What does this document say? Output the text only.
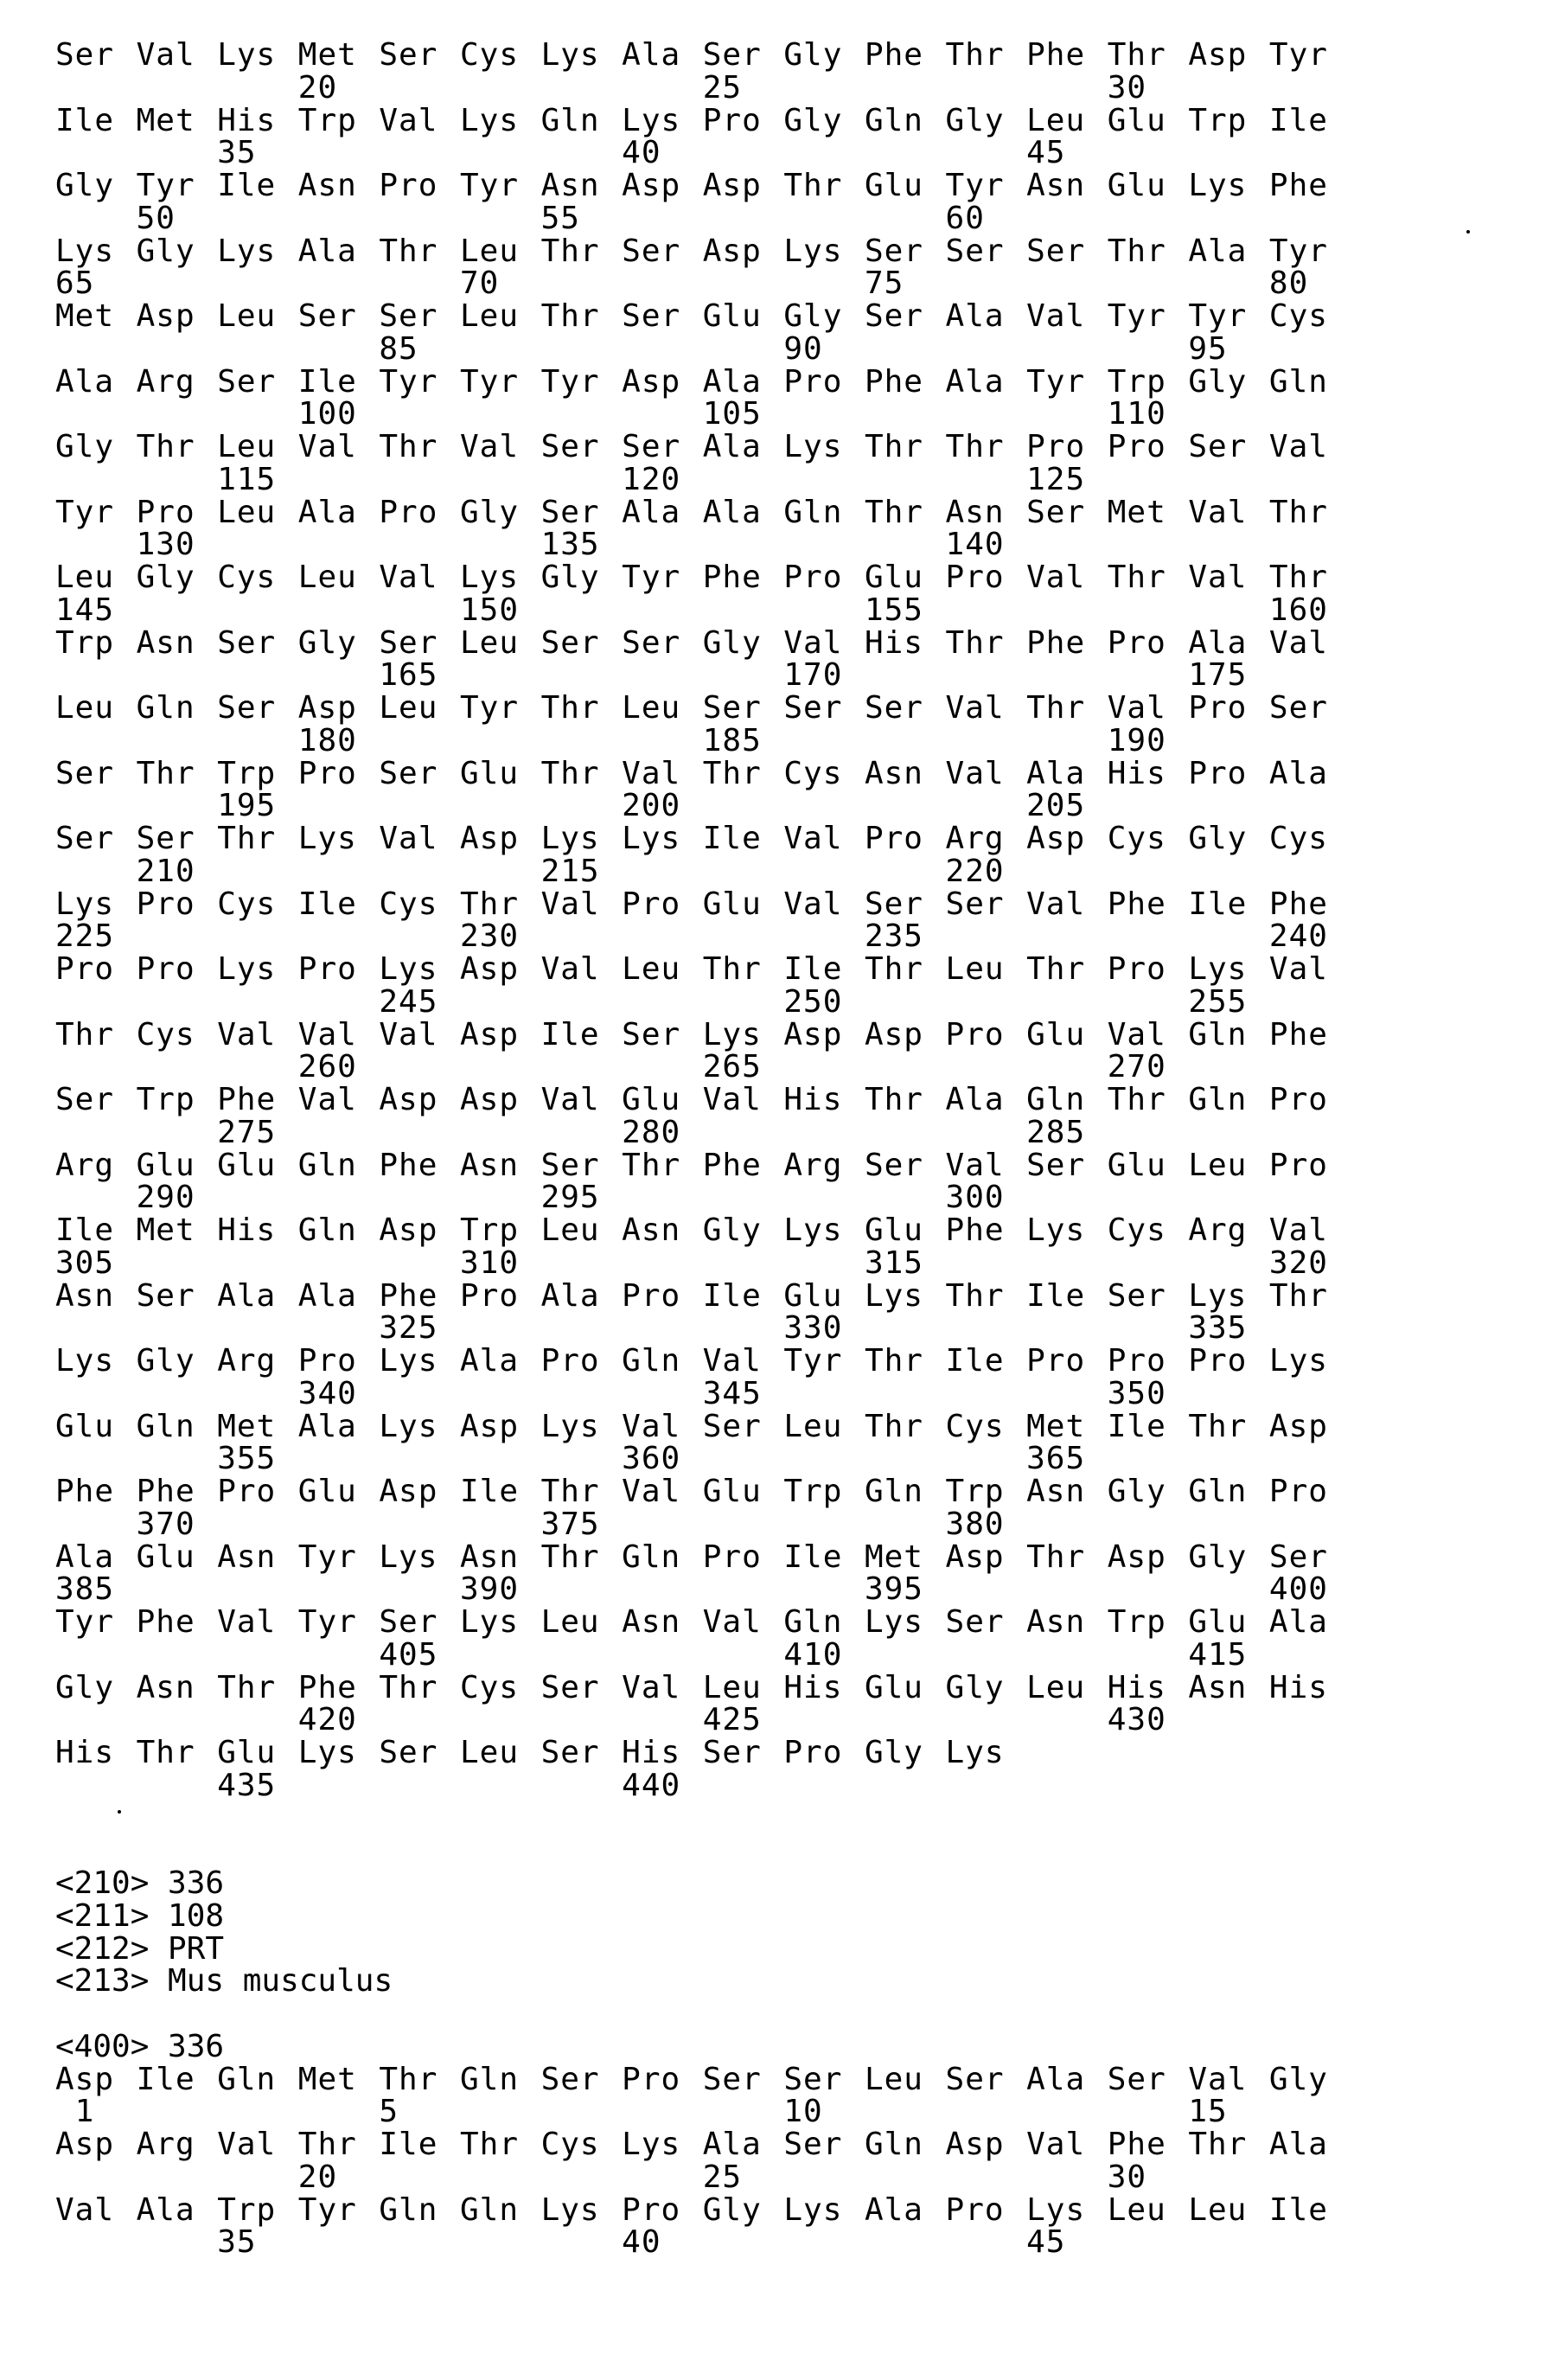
Ser Val Lys Met Ser Cys Lys Ala Ser Gly Phe Thr Phe Thr Asp Tyr
20	25	30
Ile Met His Trp Val Lys Gln Lys Pro Gly Gln Gly Leu Glu Trp Ile
35	40	45
Gly Tyr Ile Asn Pro Tyr Asn Asp Asp Thr Glu Tyr Asn Glu Lys Phe
50	55	60
Lys Gly Lys Ala Thr Leu Thr Ser Asp Lys Ser Ser Ser Thr Ala Tyr
65	70	75	80
Met Asp Leu Ser Ser Leu Thr Ser Glu Gly Ser Ala Val Tyr Tyr Cys
85	90	95
Ala Arg Ser Ile Tyr Tyr Tyr Asp Ala Pro Phe Ala Tyr Trp Gly Gln
100	105	110
Gly Thr Leu Val Thr Val Ser Ser Ala Lys Thr Thr Pro Pro Ser Val
115	120	125
Tyr Pro Leu Ala Pro Gly Ser Ala Ala Gln Thr Asn Ser Met Val Thr
130	135	140
Leu Gly Cys Leu Val Lys Gly Tyr Phe Pro Glu Pro Val Thr Val Thr
145	150	155	160
Trp Asn Ser Gly Ser Leu Ser Ser Gly Val His Thr Phe Pro Ala Val
165	170	175
Leu Gln Ser Asp Leu Tyr Thr Leu Ser Ser Ser Val Thr Val Pro Ser
180	185	190
Ser Thr Trp Pro Ser Glu Thr Val Thr Cys Asn Val Ala His Pro Ala
195	200	205
Ser Ser Thr Lys Val Asp Lys Lys Ile Val Pro Arg Asp Cys Gly Cys
210	215	220
Lys Pro Cys Ile Cys Thr Val Pro Glu Val Ser Ser Val Phe Ile Phe
225	230	235	240
Pro Pro Lys Pro Lys Asp Val Leu Thr Ile Thr Leu Thr Pro Lys Val
245	250	255
Thr Cys Val Val Val Asp Ile Ser Lys Asp Asp Pro Glu Val Gln Phe
260	265	270
Ser Trp Phe Val Asp Asp Val Glu Val His Thr Ala Gln Thr Gln Pro
275	280	285
Arg Glu Glu Gln Phe Asn Ser Thr Phe Arg Ser Val Ser Glu Leu Pro
290	295	300
Ile Met His Gln Asp Trp Leu Asn Gly Lys Glu Phe Lys Cys Arg Val
305	310	315	320
Asn Ser Ala Ala Phe Pro Ala Pro Ile Glu Lys Thr Ile Ser Lys Thr
325	330	335
Lys Gly Arg Pro Lys Ala Pro Gln Val Tyr Thr Ile Pro Pro Pro Lys
340	345	350
Glu Gln Met Ala Lys Asp Lys Val Ser Leu Thr Cys Met Ile Thr Asp
355	360	365
Phe Phe Pro Glu Asp Ile Thr Val Glu Trp Gln Trp Asn Gly Gln Pro
370	375	380
Ala Glu Asn Tyr Lys Asn Thr Gln Pro Ile Met Asp Thr Asp Gly Ser
385	390	395	400
Tyr Phe Val Tyr Ser Lys Leu Asn Val Gln Lys Ser Asn Trp Glu Ala
405	410	415
Gly Asn Thr Phe Thr Cys Ser Val Leu His Glu Gly Leu His Asn His
420	425	430
His Thr Glu Lys Ser Leu Ser His Ser Pro Gly Lys
435	440
<210> 336
<211> 108
<212> PRT
<213> Mus musculus
<400> 336
Asp Ile Gln Met Thr Gln Ser Pro Ser Ser Leu Ser Ala Ser Val Gly
1	5	10	15
Asp Arg Val Thr Ile Thr Cys Lys Ala Ser Gln Asp Val Phe Thr Ala
20	25	30
Val Ala Trp Tyr Gln Gln Lys Pro Gly Lys Ala Pro Lys Leu Leu Ile
35	40	45
